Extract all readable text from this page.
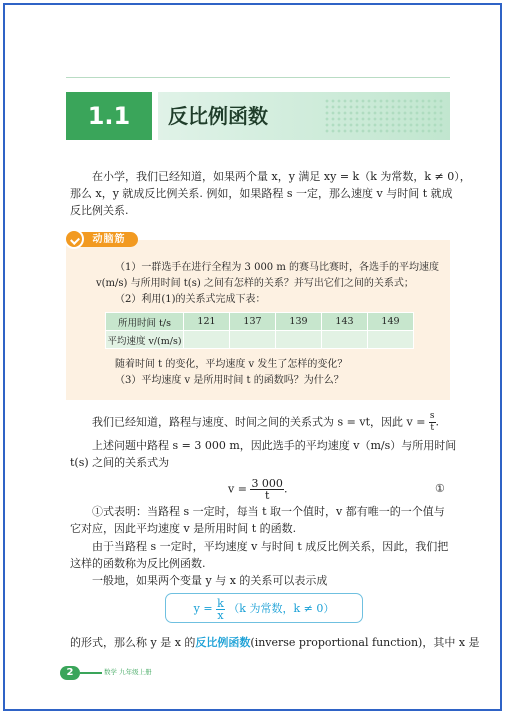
1.1	反比例函数
在小学，我们已经知道，如果两个量 x，y 满足 xy = k（k 为常数，k ≠ 0），
那么 x，y 就成反比例关系. 例如，如果路程 s 一定，那么速度 v 与时间 t 就成
反比例关系.
动脑筋
（1）一群选手在进行全程为 3 000 m 的赛马比赛时，各选手的平均速度
v(m/s) 与所用时间 t(s) 之间有怎样的关系？并写出它们之间的关系式；
（2）利用(1)的关系式完成下表：
所用时间 t/s	121	137	139	143	149
平均速度 v/(m/s)					
随着时间 t 的变化，平均速度 v 发生了怎样的变化？
（3）平均速度 v 是所用时间 t 的函数吗？为什么？
我们已经知道，路程与速度、时间之间的关系式为 s = vt，因此 $v = \frac{s}{t}$ .
上述问题中路程 s = 3 000 m，因此选手的平均速度 v（m/s）与所用时间
t(s) 之间的关系式为
$v = \frac{3 000}{t}$ .	①
①式表明：当路程 s 一定时，每当 t 取一个值时，v 都有唯一的一个值与
它对应，因此平均速度 v 是所用时间 t 的函数.
由于当路程 s 一定时，平均速度 v 与时间 t 成反比例关系，因此，我们把
这样的函数称为反比例函数.
一般地，如果两个变量 y 与 x 的关系可以表示成
$y = \frac{k}{x} (k$ 为常数，k ≠ 0）
的形式，那么称 y 是 x 的反比例函数(inverse proportional function)，其中 x 是
2	数学 九年级上册
